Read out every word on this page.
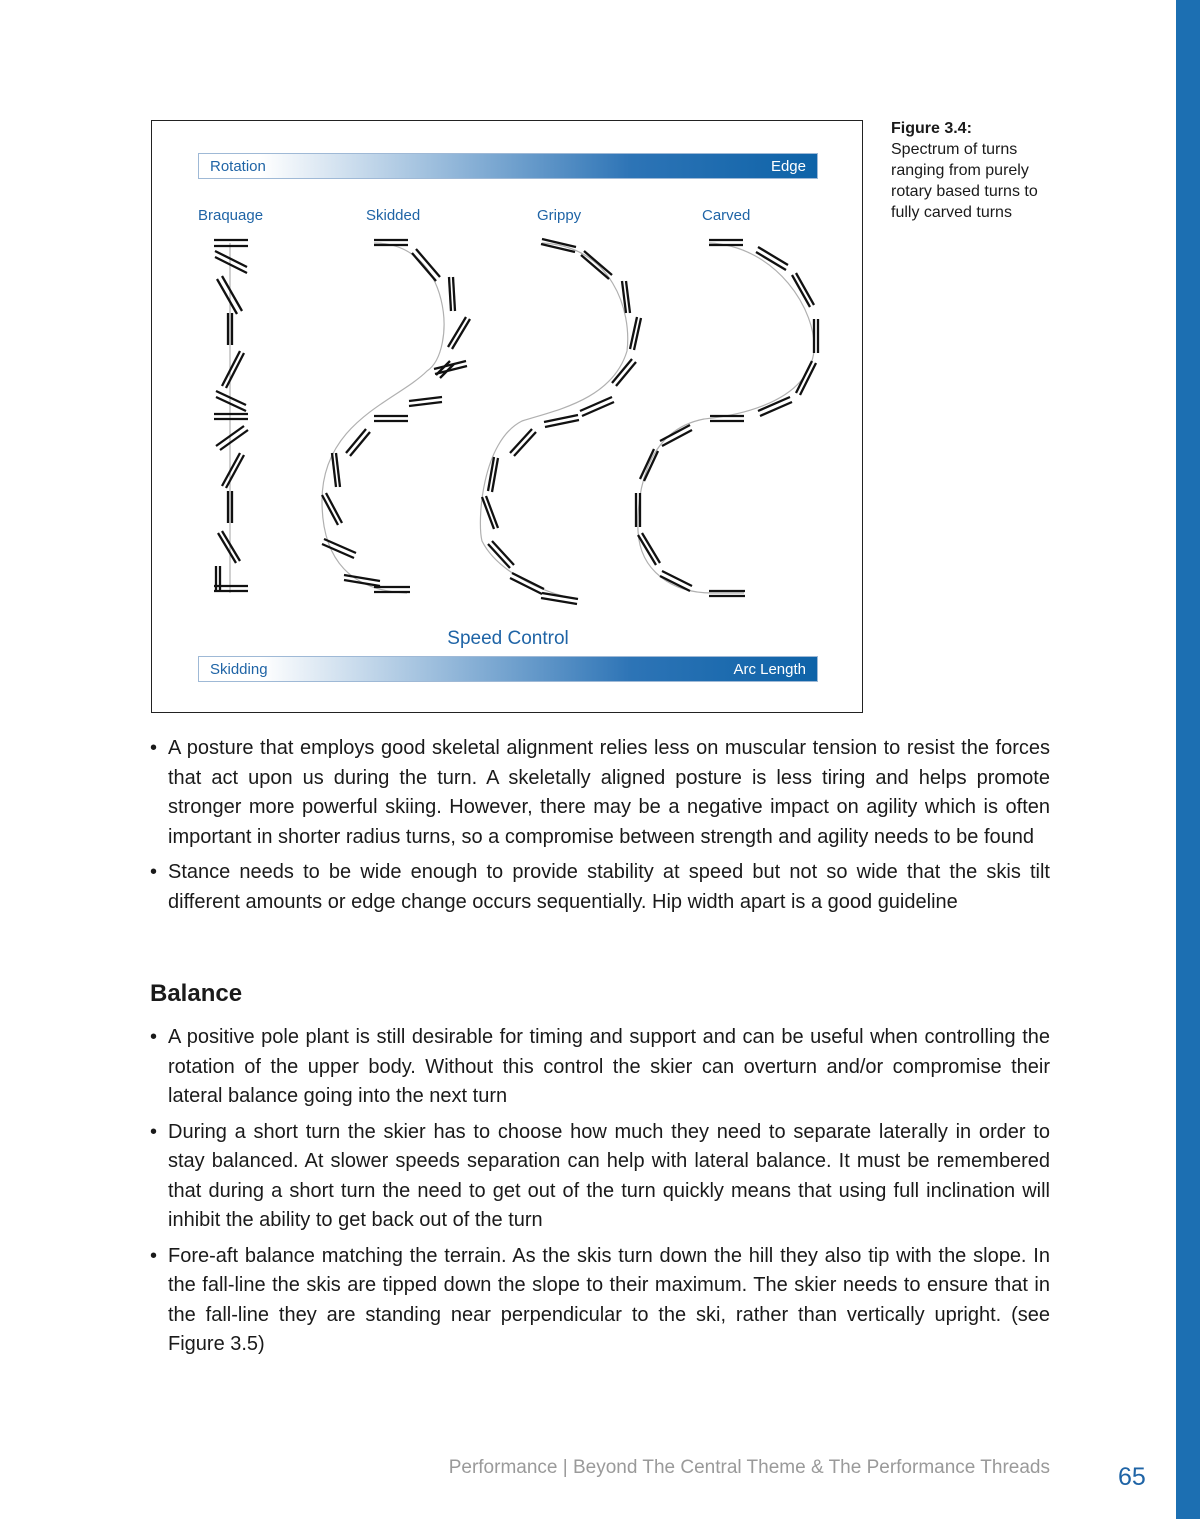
Rotation	Edge
Braquage	Skidded	Grippy	Carved
Speed Control
Skidding	Arc Length
Figure 3.4:
Spectrum of turns ranging from purely rotary based turns to fully carved turns
• A posture that employs good skeletal alignment relies less on muscular tension to resist the forces that act upon us during the turn. A skeletally aligned posture is less tiring and helps promote stronger more powerful skiing. However, there may be a negative impact on agility which is often important in shorter radius turns, so a compromise between strength and agility needs to be found
• Stance needs to be wide enough to provide stability at speed but not so wide that the skis tilt different amounts or edge change occurs sequentially. Hip width apart is a good guideline
Balance
• A positive pole plant is still desirable for timing and support and can be useful when controlling the rotation of the upper body. Without this control the skier can overturn and/or compromise their lateral balance going into the next turn
• During a short turn the skier has to choose how much they need to separate laterally in order to stay balanced. At slower speeds separation can help with lateral balance. It must be remembered that during a short turn the need to get out of the turn quickly means that using full inclination will inhibit the ability to get back out of the turn
• Fore-aft balance matching the terrain. As the skis turn down the hill they also tip with the slope. In the fall-line the skis are tipped down the slope to their maximum. The skier needs to ensure that in the fall-line they are standing near perpendicular to the ski, rather than vertically upright. (see Figure 3.5)
Performance | Beyond The Central Theme & The Performance Threads	65
